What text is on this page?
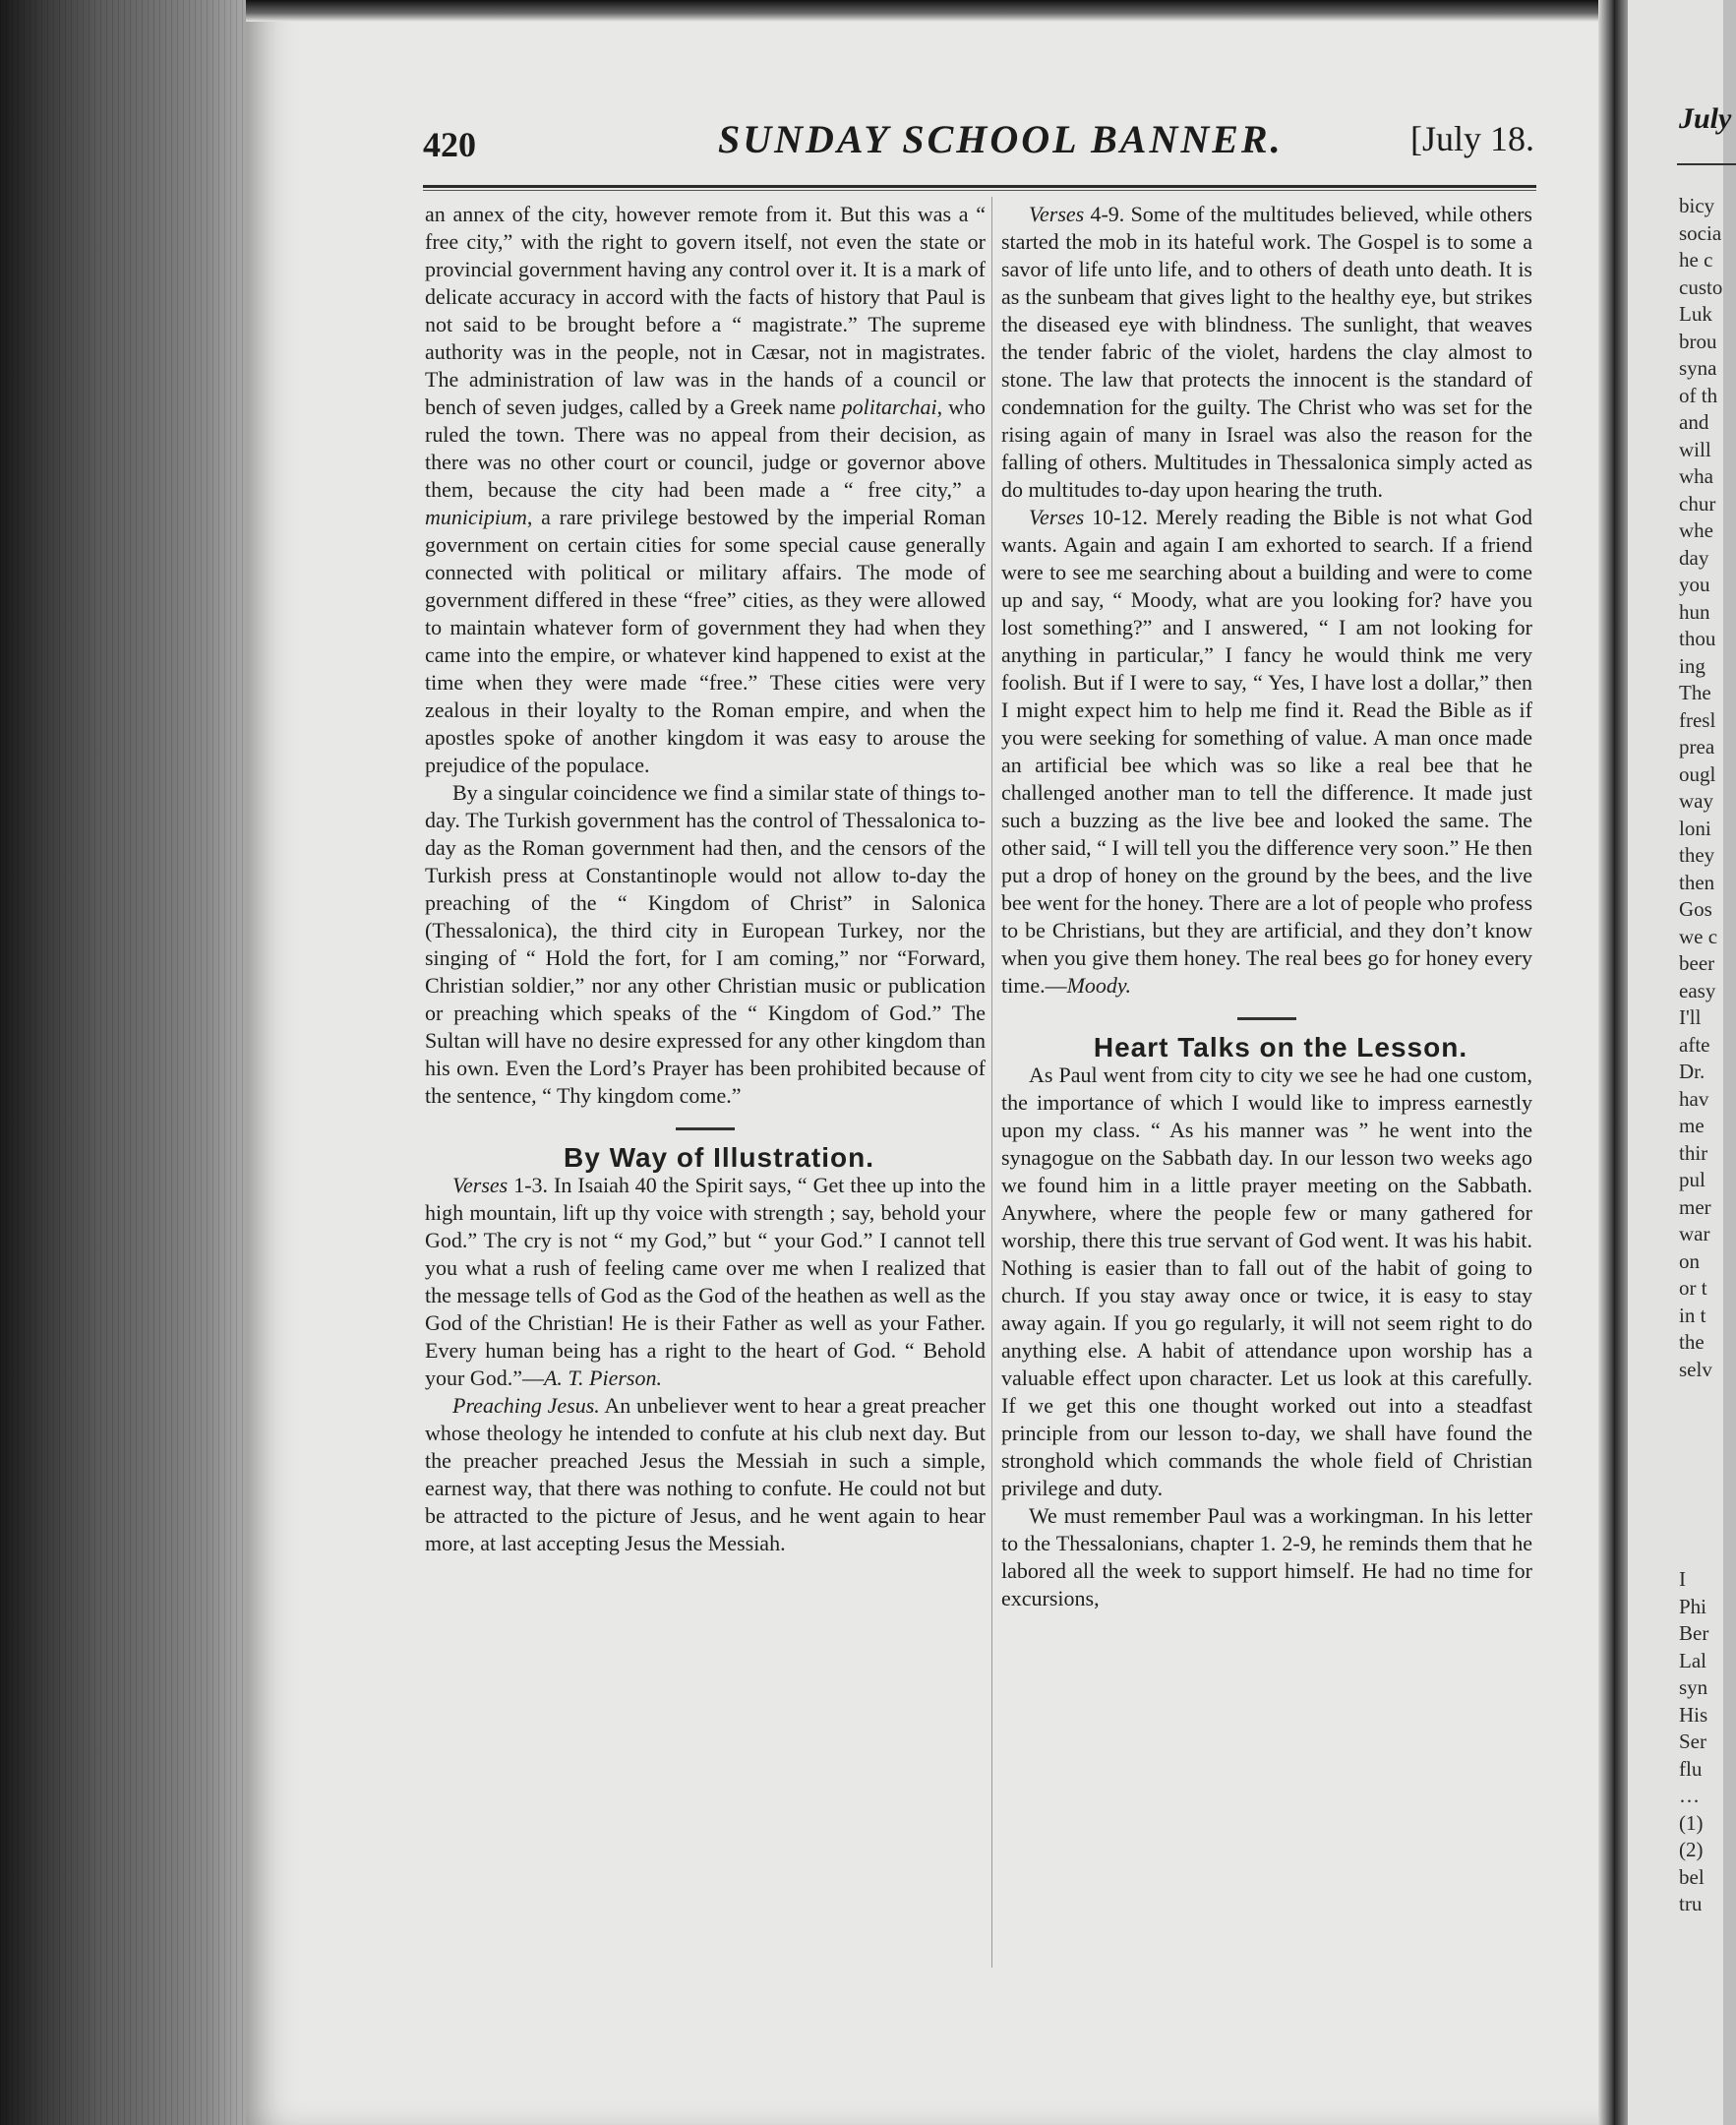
420	SUNDAY SCHOOL BANNER.	[July 18.

an annex of the city, however remote from it. But this was a “ free city,” with the right to govern itself, not even the state or provincial government having any control over it. It is a mark of delicate accuracy in accord with the facts of history that Paul is not said to be brought before a “ magistrate.” The supreme authority was in the people, not in Cæsar, not in magistrates. The administration of law was in the hands of a council or bench of seven judges, called by a Greek name politarchai, who ruled the town. There was no appeal from their decision, as there was no other court or council, judge or governor above them, because the city had been made a “ free city,” a municipium, a rare privilege bestowed by the imperial Roman government on certain cities for some special cause generally connected with political or military affairs. The mode of government differed in these “free” cities, as they were allowed to maintain whatever form of government they had when they came into the empire, or whatever kind happened to exist at the time when they were made “free.” These cities were very zealous in their loyalty to the Roman empire, and when the apostles spoke of another kingdom it was easy to arouse the prejudice of the populace.

By a singular coincidence we find a similar state of things to-day. The Turkish government has the control of Thessalonica to-day as the Roman government had then, and the censors of the Turkish press at Constantinople would not allow to-day the preaching of the “ Kingdom of Christ” in Salonica (Thessalonica), the third city in European Turkey, nor the singing of “ Hold the fort, for I am coming,” nor “Forward, Christian soldier,” nor any other Christian music or publication or preaching which speaks of the “ Kingdom of God.” The Sultan will have no desire expressed for any other kingdom than his own. Even the Lord’s Prayer has been prohibited because of the sentence, “ Thy kingdom come.”

By Way of Illustration.

Verses 1-3. In Isaiah 40 the Spirit says, “ Get thee up into the high mountain, lift up thy voice with strength ; say, behold your God.” The cry is not “ my God,” but “ your God.” I cannot tell you what a rush of feeling came over me when I realized that the message tells of God as the God of the heathen as well as the God of the Christian! He is their Father as well as your Father. Every human being has a right to the heart of God. “ Behold your God.”—A. T. Pierson.

Preaching Jesus. An unbeliever went to hear a great preacher whose theology he intended to confute at his club next day. But the preacher preached Jesus the Messiah in such a simple, earnest way, that there was nothing to confute. He could not but be attracted to the picture of Jesus, and he went again to hear more, at last accepting Jesus the Messiah.

Verses 4-9. Some of the multitudes believed, while others started the mob in its hateful work. The Gospel is to some a savor of life unto life, and to others of death unto death. It is as the sunbeam that gives light to the healthy eye, but strikes the diseased eye with blindness. The sunlight, that weaves the tender fabric of the violet, hardens the clay almost to stone. The law that protects the innocent is the standard of condemnation for the guilty. The Christ who was set for the rising again of many in Israel was also the reason for the falling of others. Multitudes in Thessalonica simply acted as do multitudes to-day upon hearing the truth.

Verses 10-12. Merely reading the Bible is not what God wants. Again and again I am exhorted to search. If a friend were to see me searching about a building and were to come up and say, “ Moody, what are you looking for? have you lost something?” and I answered, “ I am not looking for anything in particular,” I fancy he would think me very foolish. But if I were to say, “ Yes, I have lost a dollar,” then I might expect him to help me find it. Read the Bible as if you were seeking for something of value. A man once made an artificial bee which was so like a real bee that he challenged another man to tell the difference. It made just such a buzzing as the live bee and looked the same. The other said, “ I will tell you the difference very soon.” He then put a drop of honey on the ground by the bees, and the live bee went for the honey. There are a lot of people who profess to be Christians, but they are artificial, and they don’t know when you give them honey. The real bees go for honey every time.—Moody.

Heart Talks on the Lesson.

As Paul went from city to city we see he had one custom, the importance of which I would like to impress earnestly upon my class. “ As his manner was ” he went into the synagogue on the Sabbath day. In our lesson two weeks ago we found him in a little prayer meeting on the Sabbath. Anywhere, where the people few or many gathered for worship, there this true servant of God went. It was his habit. Nothing is easier than to fall out of the habit of going to church. If you stay away once or twice, it is easy to stay away again. If you go regularly, it will not seem right to do anything else. A habit of attendance upon worship has a valuable effect upon character. Let us look at this carefully. If we get this one thought worked out into a steadfast principle from our lesson to-day, we shall have found the stronghold which commands the whole field of Christian privilege and duty.

We must remember Paul was a workingman. In his letter to the Thessalonians, chapter 1. 2-9, he reminds them that he labored all the week to support himself. He had no time for excursions,

July
bicy
socia
he c
custo
Luk
brou
syna
of th
and
will
wha
chur
whe
day
you
hun
thou
ing
The
fresl
prea
ougl
way
loni
they
then
Gos
we c
beer
easy
I'll
afte
Dr.
hav
me
thir
pul
mer
war
on
or t
in t
the
selv
I
Phi
Ber
Lal
syn
His
Ser
flu
…
(1)
(2)
bel
tru
